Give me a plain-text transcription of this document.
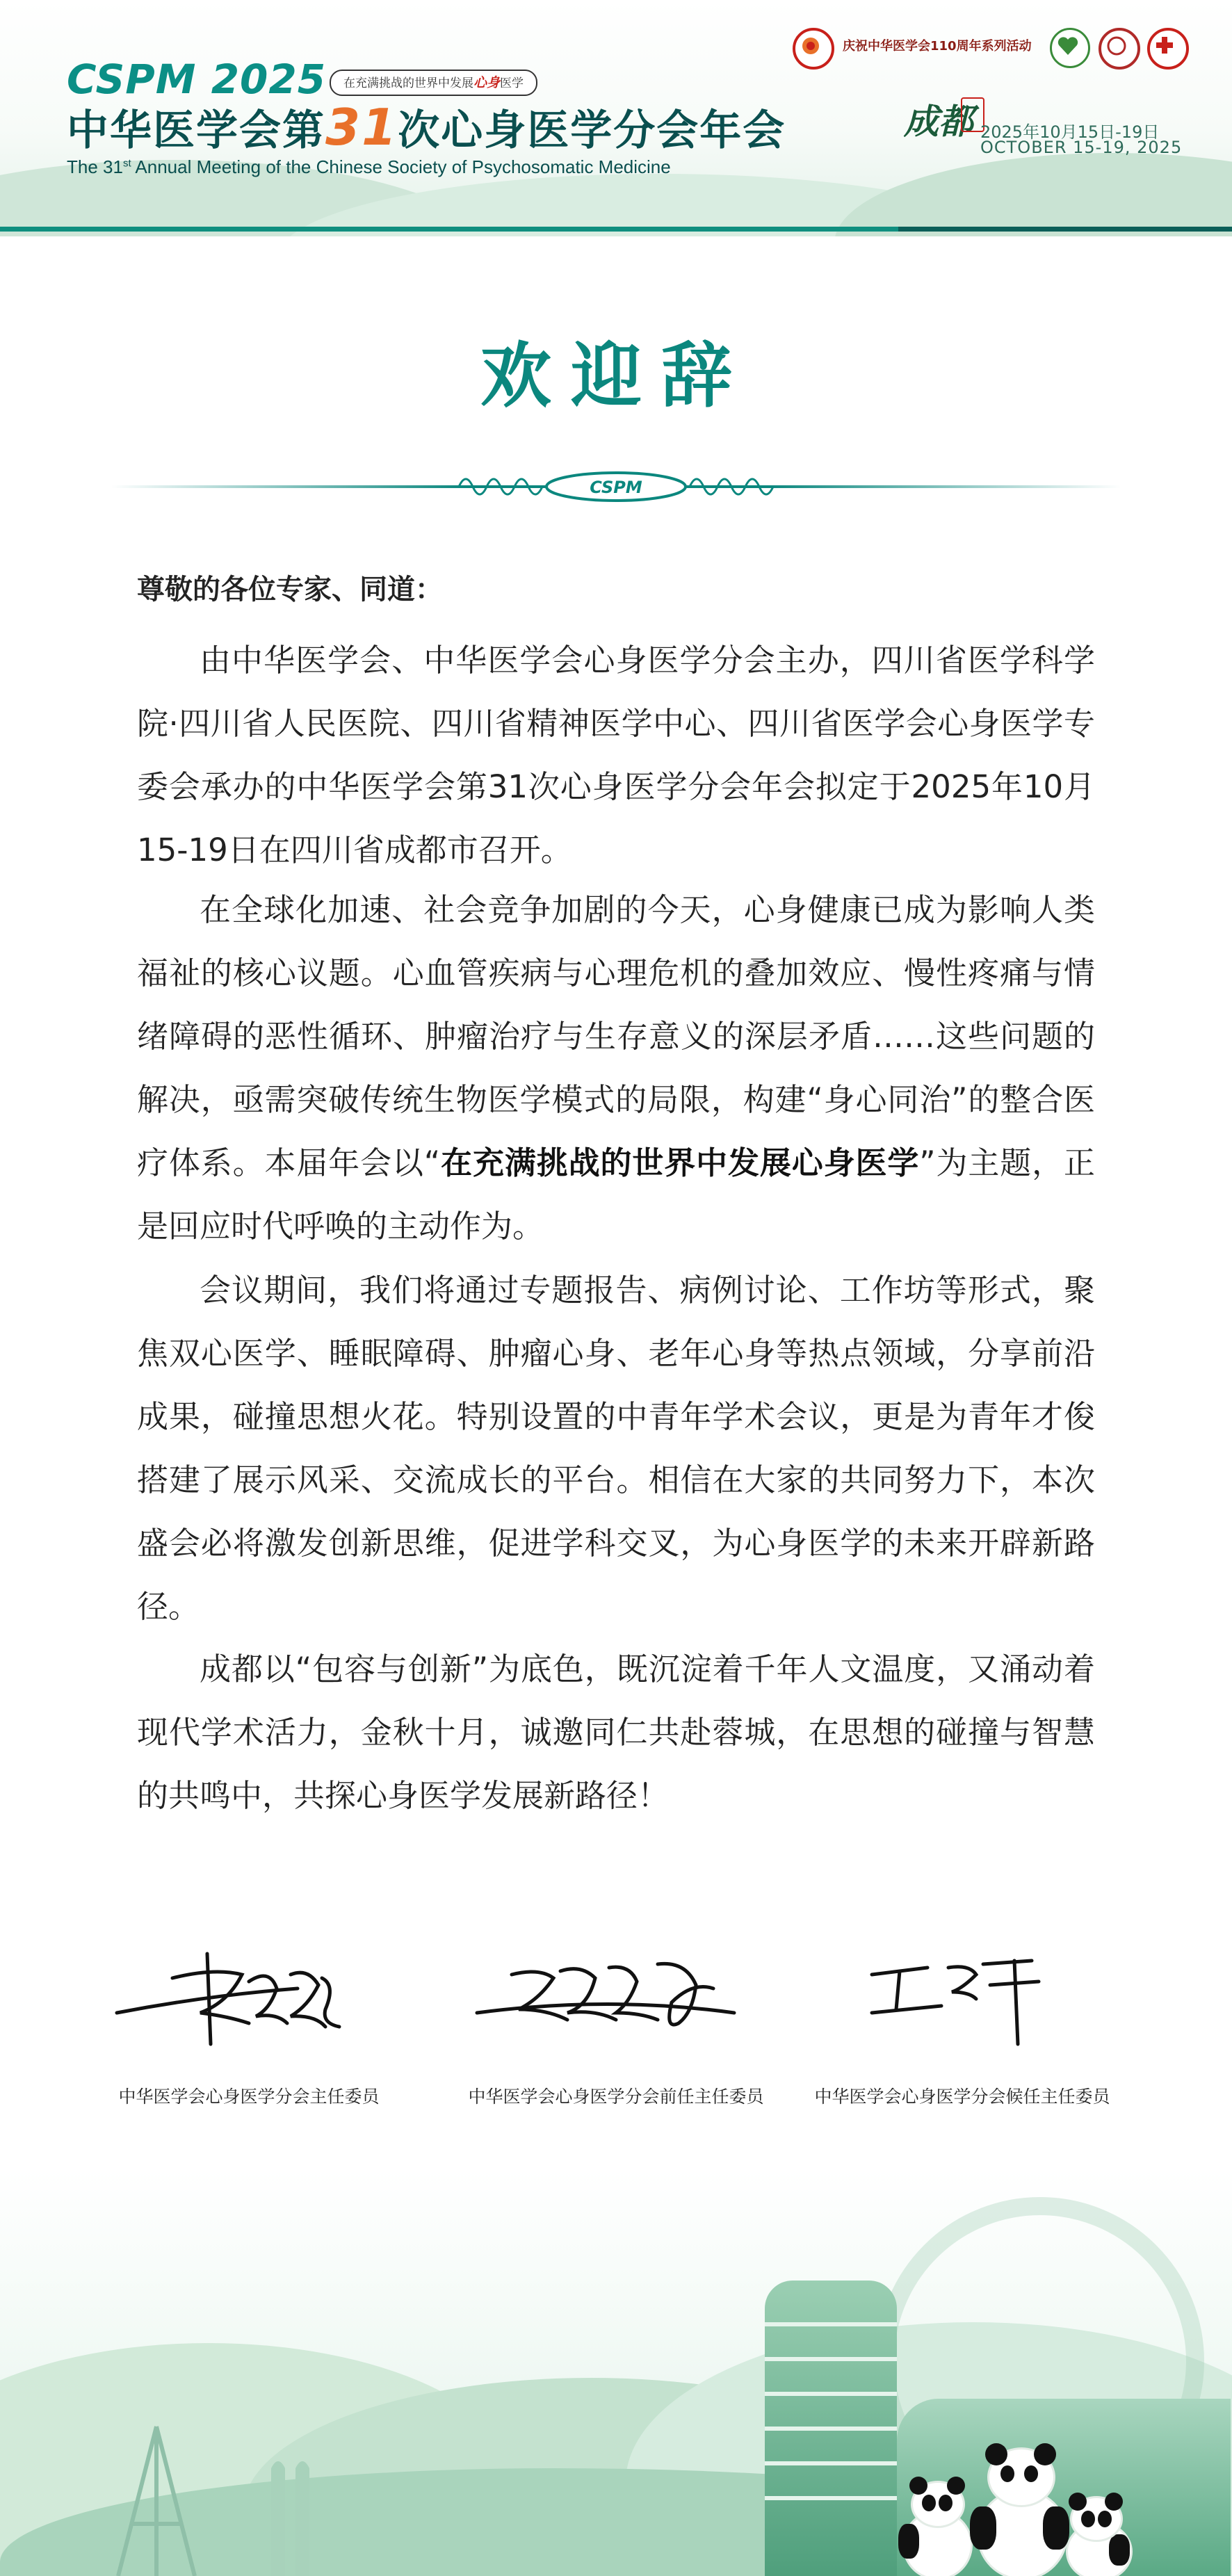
CSPM 2025	在充满挑战的世界中发展心身医学
中华医学会第31次心身医学分会年会
The 31st Annual Meeting of the Chinese Society of Psychosomatic Medicine
庆祝中华医学会110周年系列活动
成都 2025年10月15日-19日
OCTOBER 15-19, 2025
欢迎辞
CSPM
尊敬的各位专家、同道：

由中华医学会、中华医学会心身医学分会主办，四川省医学科学院·四川省人民医院、四川省精神医学中心、四川省医学会心身医学专委会承办的中华医学会第31次心身医学分会年会拟定于2025年10月15-19日在四川省成都市召开。

在全球化加速、社会竞争加剧的今天，心身健康已成为影响人类福祉的核心议题。心血管疾病与心理危机的叠加效应、慢性疼痛与情绪障碍的恶性循环、肿瘤治疗与生存意义的深层矛盾……这些问题的解决，亟需突破传统生物医学模式的局限，构建“身心同治”的整合医疗体系。本届年会以“在充满挑战的世界中发展心身医学”为主题，正是回应时代呼唤的主动作为。

会议期间，我们将通过专题报告、病例讨论、工作坊等形式，聚焦双心医学、睡眠障碍、肿瘤心身、老年心身等热点领域，分享前沿成果，碰撞思想火花。特别设置的中青年学术会议，更是为青年才俊搭建了展示风采、交流成长的平台。相信在大家的共同努力下，本次盛会必将激发创新思维，促进学科交叉，为心身医学的未来开辟新路径。

成都以“包容与创新”为底色，既沉淀着千年人文温度，又涌动着现代学术活力，金秋十月，诚邀同仁共赴蓉城，在思想的碰撞与智慧的共鸣中，共探心身医学发展新路径！

中华医学会心身医学分会主任委员	中华医学会心身医学分会前任主任委员	中华医学会心身医学分会候任主任委员
